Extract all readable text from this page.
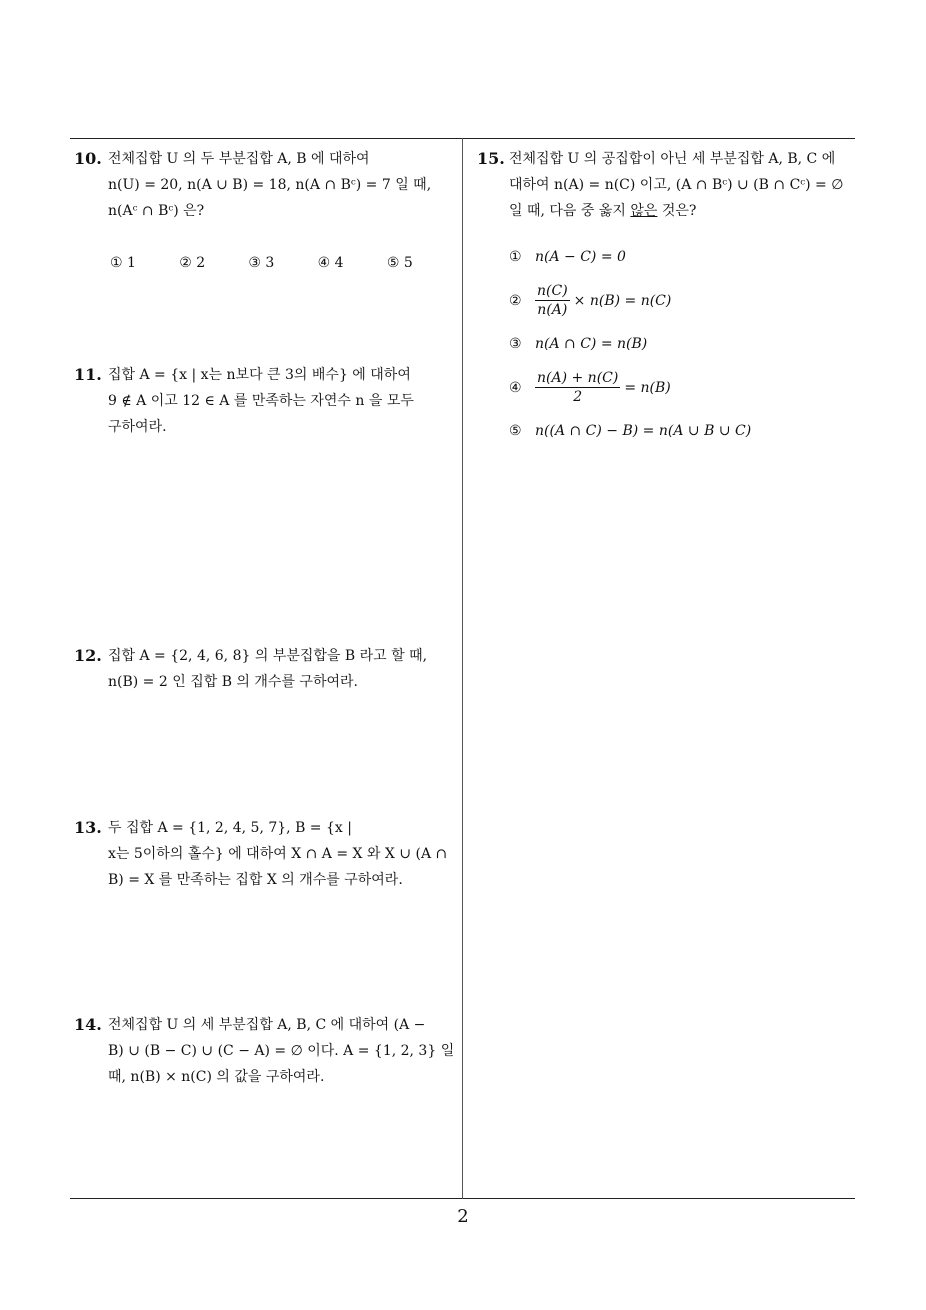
10. 전체집합 U 의 두 부분집합 A, B 에 대하여
n(U) = 20, n(A ∪ B) = 18, n(A ∩ Bᶜ) = 7 일 때,
n(Aᶜ ∩ Bᶜ) 은?
① 1	② 2	③ 3	④ 4	⑤ 5
11. 집합 A = {x | x는 n보다 큰 3의 배수} 에 대하여
9 ∉ A 이고 12 ∈ A 를 만족하는 자연수 n 을 모두
구하여라.
12. 집합 A = {2, 4, 6, 8} 의 부분집합을 B 라고 할 때,
n(B) = 2 인 집합 B 의 개수를 구하여라.
13. 두 집합 A = {1, 2, 4, 5, 7}, B = {x |
x는 5이하의 홀수} 에 대하여 X ∩ A = X 와 X ∪ (A ∩
B) = X 를 만족하는 집합 X 의 개수를 구하여라.
14. 전체집합 U 의 세 부분집합 A, B, C 에 대하여 (A −
B) ∪ (B − C) ∪ (C − A) = ∅ 이다. A = {1, 2, 3} 일
때, n(B) × n(C) 의 값을 구하여라.
15. 전체집합 U 의 공집합이 아닌 세 부분집합 A, B, C 에
대하여 n(A) = n(C) 이고, (A ∩ Bᶜ) ∪ (B ∩ Cᶜ) = ∅
일 때, 다음 중 옳지 않은 것은?
① n(A − C) = 0
② $\frac{n(C)}{n(A)} \times n(B) = n(C)$
③ n(A ∩ C) = n(B)
④ $\frac{n(A) + n(C)}{2} = n(B)$
⑤ n((A ∩ C) − B) = n(A ∪ B ∪ C)
2
